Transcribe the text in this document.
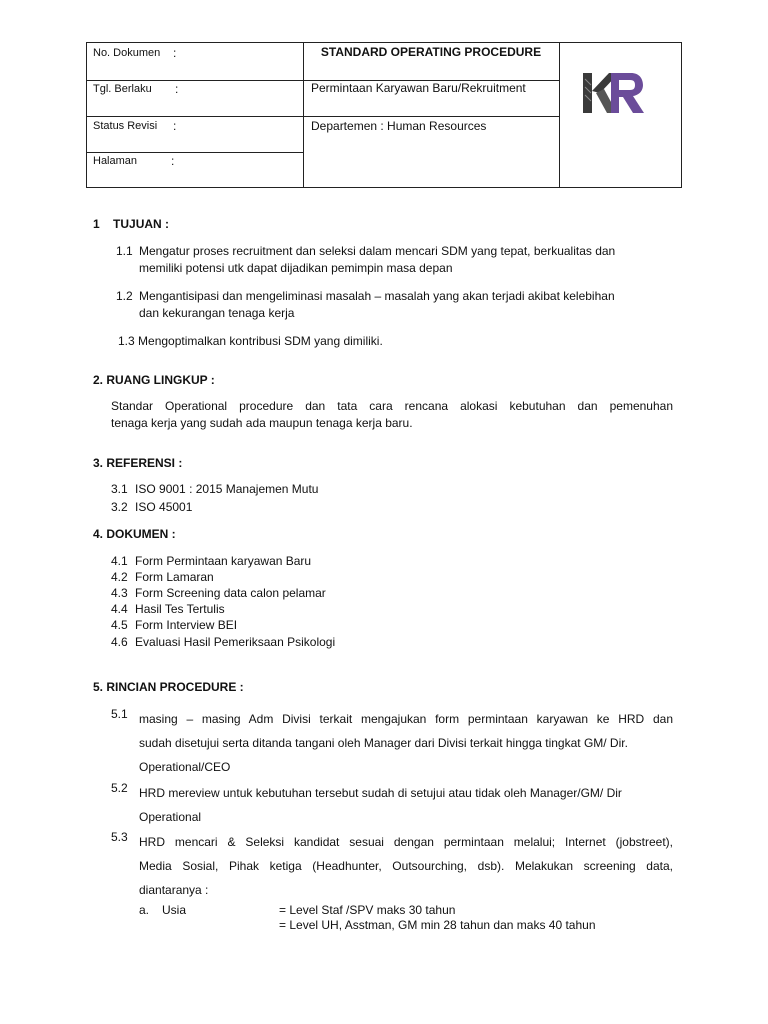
No. Dokumen :
Tgl. Berlaku :
Status Revisi :
Halaman	:
STANDARD OPERATING PROCEDURE
Permintaan Karyawan Baru/Rekruitment
Departemen : Human Resources
1 TUJUAN :
1.1 Mengatur proses recruitment dan seleksi dalam mencari SDM yang tepat, berkualitas dan
memiliki potensi utk dapat dijadikan pemimpin masa depan
1.2 Mengantisipasi dan mengeliminasi masalah – masalah yang akan terjadi akibat kelebihan
dan kekurangan tenaga kerja
1.3 Mengoptimalkan kontribusi SDM yang dimiliki.
2. RUANG LINGKUP :
Standar Operational procedure dan tata cara rencana alokasi kebutuhan dan pemenuhan
tenaga kerja yang sudah ada maupun tenaga kerja baru.
3. REFERENSI :
3.1 ISO 9001 : 2015 Manajemen Mutu
3.2 ISO 45001
4. DOKUMEN :
4.1 Form Permintaan karyawan Baru
4.2 Form Lamaran
4.3 Form Screening data calon pelamar
4.4 Hasil Tes Tertulis
4.5 Form Interview BEI
4.6 Evaluasi Hasil Pemeriksaan Psikologi
5. RINCIAN PROCEDURE :
5.1 masing – masing Adm Divisi terkait mengajukan form permintaan karyawan ke HRD dan
sudah disetujui serta ditanda tangani oleh Manager dari Divisi terkait hingga tingkat GM/ Dir.
Operational/CEO
5.2 HRD mereview untuk kebutuhan tersebut sudah di setujui atau tidak oleh Manager/GM/ Dir
Operational
5.3 HRD mencari & Seleksi kandidat sesuai dengan permintaan melalui; Internet (jobstreet),
Media Sosial, Pihak ketiga (Headhunter, Outsourching, dsb). Melakukan screening data,
diantaranya :
a. Usia	= Level Staf /SPV maks 30 tahun
= Level UH, Asstman, GM min 28 tahun dan maks 40 tahun
